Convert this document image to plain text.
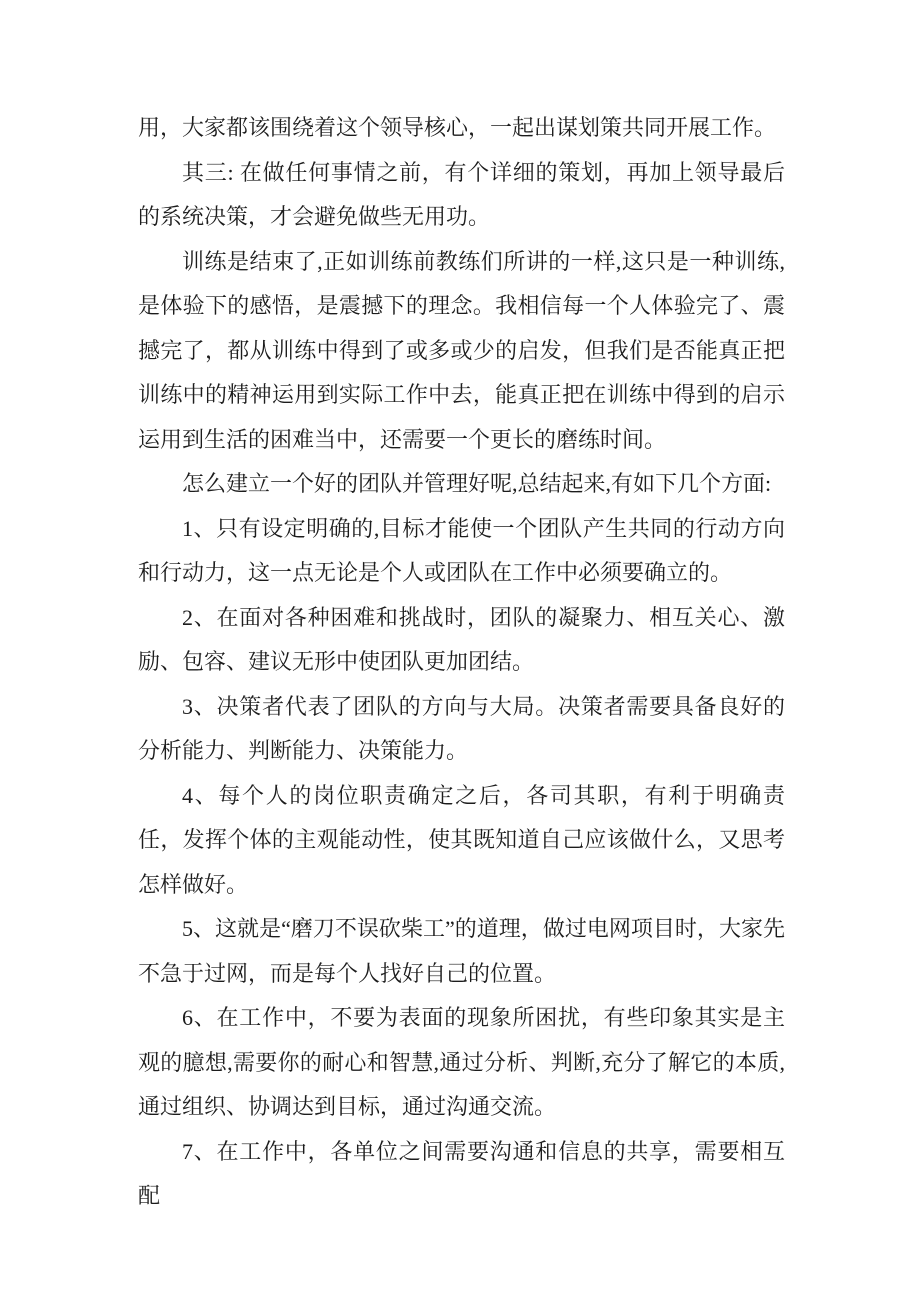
用，大家都该围绕着这个领导核心，一起出谋划策共同开展工作。

其三: 在做任何事情之前，有个详细的策划，再加上领导最后的系统决策，才会避免做些无用功。

训练是结束了,正如训练前教练们所讲的一样,这只是一种训练,是体验下的感悟，是震撼下的理念。我相信每一个人体验完了、震撼完了，都从训练中得到了或多或少的启发，但我们是否能真正把训练中的精神运用到实际工作中去，能真正把在训练中得到的启示运用到生活的困难当中，还需要一个更长的磨练时间。

怎么建立一个好的团队并管理好呢,总结起来,有如下几个方面:

1、只有设定明确的,目标才能使一个团队产生共同的行动方向和行动力，这一点无论是个人或团队在工作中必须要确立的。

2、在面对各种困难和挑战时，团队的凝聚力、相互关心、激励、包容、建议无形中使团队更加团结。

3、决策者代表了团队的方向与大局。决策者需要具备良好的分析能力、判断能力、决策能力。

4、每个人的岗位职责确定之后，各司其职，有利于明确责任，发挥个体的主观能动性，使其既知道自己应该做什么，又思考怎样做好。

5、这就是“磨刀不误砍柴工”的道理，做过电网项目时，大家先不急于过网，而是每个人找好自己的位置。

6、在工作中，不要为表面的现象所困扰，有些印象其实是主观的臆想,需要你的耐心和智慧,通过分析、判断,充分了解它的本质,通过组织、协调达到目标，通过沟通交流。

7、在工作中，各单位之间需要沟通和信息的共享，需要相互配
